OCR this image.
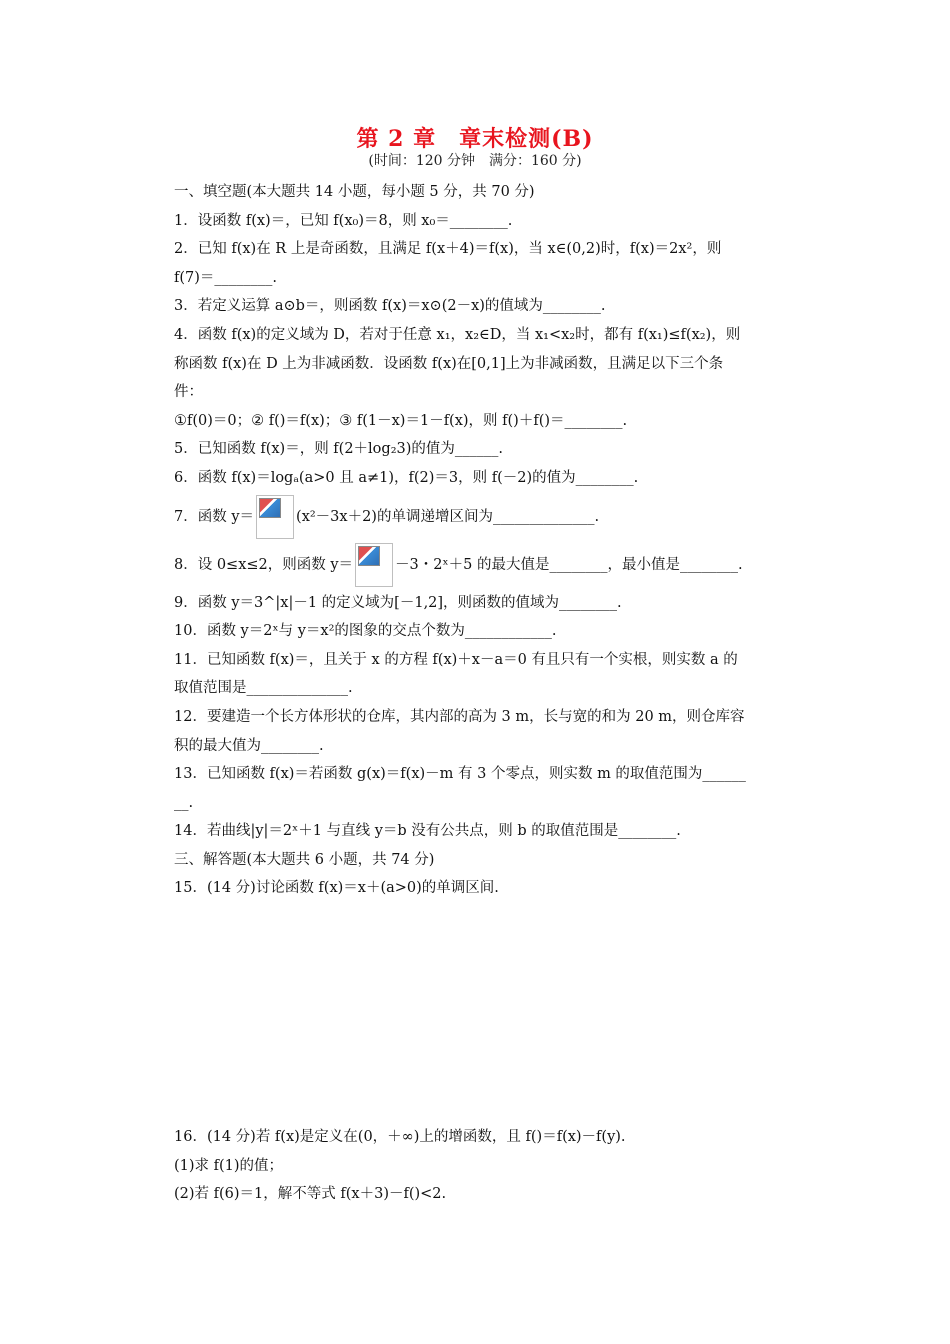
第 2 章　章末检测(B)
(时间：120 分钟　满分：160 分)
一、填空题(本大题共 14 小题，每小题 5 分，共 70 分)
1．设函数 f(x)＝，已知 f(x₀)＝8，则 x₀＝________.
2．已知 f(x)在 R 上是奇函数，且满足 f(x＋4)＝f(x)，当 x∈(0,2)时，f(x)＝2x²，则
f(7)＝________.
3．若定义运算 a⊙b＝，则函数 f(x)＝x⊙(2－x)的值域为________.
4．函数 f(x)的定义域为 D，若对于任意 x₁，x₂∈D，当 x₁<x₂时，都有 f(x₁)≤f(x₂)，则
称函数 f(x)在 D 上为非减函数．设函数 f(x)在[0,1]上为非减函数，且满足以下三个条
件：
①f(0)＝0；② f()＝f(x)；③ f(1－x)＝1－f(x)，则 f()＋f()＝________.
5．已知函数 f(x)＝，则 f(2＋log₂3)的值为______.
6．函数 f(x)＝logₐ(a>0 且 a≠1)，f(2)＝3，则 f(－2)的值为________.
7．函数 y＝	(x²－3x＋2)的单调递增区间为______________.
8．设 0≤x≤2，则函数 y＝	－3・2ˣ＋5 的最大值是________，最小值是________.
9．函数 y＝3^|x|－1 的定义域为[－1,2]，则函数的值域为________.
10．函数 y＝2ˣ与 y＝x²的图象的交点个数为____________.
11．已知函数 f(x)＝，且关于 x 的方程 f(x)＋x－a＝0 有且只有一个实根，则实数 a 的
取值范围是______________.
12．要建造一个长方体形状的仓库，其内部的高为 3 m，长与宽的和为 20 m，则仓库容
积的最大值为________.
13．已知函数 f(x)＝若函数 g(x)＝f(x)－m 有 3 个零点，则实数 m 的取值范围为______
__.
14．若曲线|y|＝2ˣ＋1 与直线 y＝b 没有公共点，则 b 的取值范围是________.
三、解答题(本大题共 6 小题，共 74 分)
15．(14 分)讨论函数 f(x)＝x＋(a>0)的单调区间.
16．(14 分)若 f(x)是定义在(0，＋∞)上的增函数，且 f()＝f(x)－f(y).
(1)求 f(1)的值；
(2)若 f(6)＝1，解不等式 f(x＋3)－f()<2.
